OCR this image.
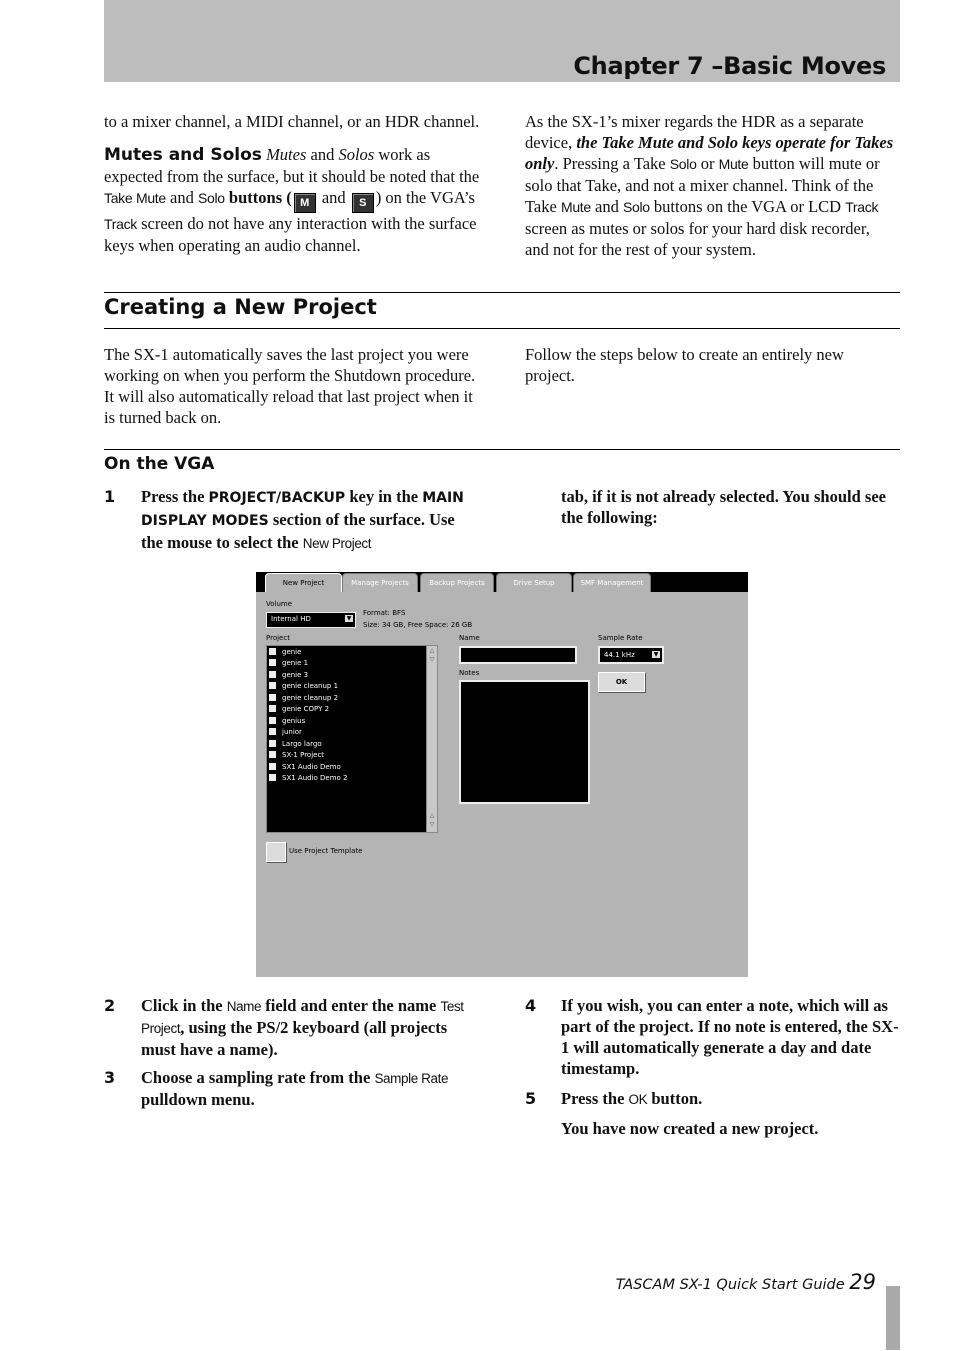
Chapter 7 –Basic Moves
to a mixer channel, a MIDI channel, or an HDR channel.
Mutes and Solos Mutes and Solos work as expected from the surface, but it should be noted that the Take Mute and Solo buttons ( M and S ) on the VGA’s Track screen do not have any interaction with the surface keys when operating an audio channel.
As the SX-1’s mixer regards the HDR as a separate device, the Take Mute and Solo keys operate for Takes only. Pressing a Take Solo or Mute button will mute or solo that Take, and not a mixer channel. Think of the Take Mute and Solo buttons on the VGA or LCD Track screen as mutes or solos for your hard disk recorder, and not for the rest of your system.
Creating a New Project
The SX-1 automatically saves the last project you were working on when you perform the Shutdown procedure. It will also automatically reload that last project when it is turned back on.
Follow the steps below to create an entirely new project.
On the VGA
1 Press the PROJECT/BACKUP key in the MAIN DISPLAY MODES section of the surface. Use the mouse to select the New Project
tab, if it is not already selected. You should see the following:
New Project	Manage Projects	Backup Projects	Drive Setup	SMF Management
Volume
Internal HD	▼
Format: BFS
Size: 34 GB, Free Space: 26 GB
Project
genie
genie 1
genie 3
genie cleanup 1
genie cleanup 2
genie COPY 2
genius
junior
Largo largo
SX-1 Project
SX1 Audio Demo
SX1 Audio Demo 2
△
▽
△
▽
Name
Notes
Sample Rate
44.1 kHz	▼
OK
Use Project Template
2 Click in the Name field and enter the name Test Project, using the PS/2 keyboard (all projects must have a name).
3 Choose a sampling rate from the Sample Rate pulldown menu.
4 If you wish, you can enter a note, which will as part of the project. If no note is entered, the SX-1 will automatically generate a day and date timestamp.
5 Press the OK button.
You have now created a new project.
TASCAM SX-1 Quick Start Guide 29
